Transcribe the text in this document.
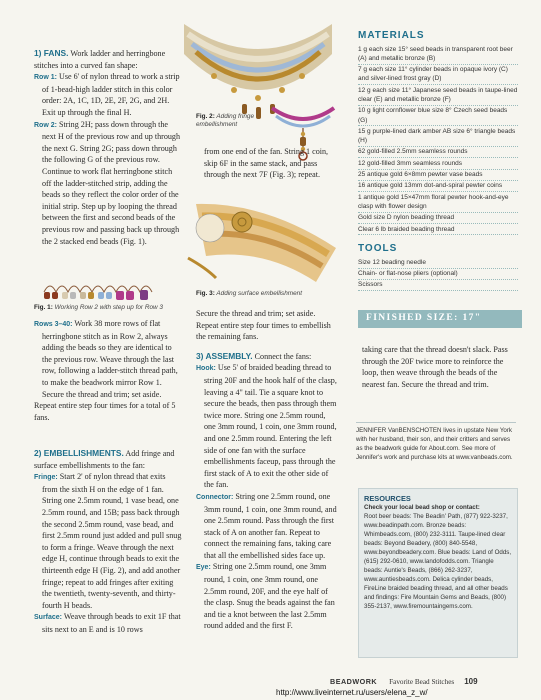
1) FANS. Work ladder and herringbone stitches into a curved fan shape:
Row 1: Use 6' of nylon thread to work a strip of 1-bead-high ladder stitch in this color order: 2A, 1C, 1D, 2E, 2F, 2G, and 2H. Exit up through the final H.
Row 2: String 2H; pass down through the next H of the previous row and up through the next G. String 2G; pass down through the following G of the previous row. Continue to work flat herringbone stitch off the ladder-stitched strip, adding the beads so they reflect the color order of the initial strip. Step up by looping the thread between the first and second beads of the previous row and passing back up through the 2 stacked end beads (Fig. 1).
Fig. 1: Working Row 2 with step up for Row 3
Rows 3–40: Work 38 more rows of flat herringbone stitch as in Row 2, always adding the beads so they are identical to the previous row. Weave through the last row, following a ladder-stitch thread path, to make the beadwork mirror Row 1. Secure the thread and trim; set aside.
Repeat entire step four times for a total of 5 fans.
2) EMBELLISHMENTS. Add fringe and surface embellishments to the fan:
Fringe: Start 2' of nylon thread that exits from the sixth H on the edge of 1 fan. String one 2.5mm round, 1 vase bead, one 2.5mm round, and 15B; pass back through the second 2.5mm round, vase bead, and first 2.5mm round just added and pull snug to form a fringe. Weave through the next edge H, continue through beads to exit the thirteenth edge H (Fig. 2), and add another fringe; repeat to add fringes after exiting the twentieth, twenty-seventh, and thirty-fourth H beads.
Surface: Weave through beads to exit 1F that sits next to an E and is 10 rows
Fig. 2: Adding fringe embellishment
from one end of the fan. String 1 coin, skip 6F in the same stack, and pass through the next 7F (Fig. 3); repeat.
Fig. 3: Adding surface embellishment
Secure the thread and trim; set aside. Repeat entire step four times to embellish the remaining fans.
3) ASSEMBLY. Connect the fans:
Hook: Use 5' of braided beading thread to string 20F and the hook half of the clasp, leaving a 4" tail. Tie a square knot to secure the beads, then pass through them twice more. String one 2.5mm round, one 3mm round, 1 coin, one 3mm round, and one 2.5mm round. Entering the left side of one fan with the surface embellishments faceup, pass through the first stack of A to exit the other side of the fan.
Connector: String one 2.5mm round, one 3mm round, 1 coin, one 3mm round, and one 2.5mm round. Pass through the first stack of A on another fan. Repeat to connect the remaining fans, taking care that all the embellished sides face up.
Eye: String one 2.5mm round, one 3mm round, 1 coin, one 3mm round, one 2.5mm round, 20F, and the eye half of the clasp. Snug the beads against the fan and tie a knot between the last 2.5mm round added and the first F.
MATERIALS
1 g each size 15° seed beads in transparent root beer (A) and metallic bronze (B)
7 g each size 11° cylinder beads in opaque ivory (C) and silver-lined frost gray (D)
12 g each size 11° Japanese seed beads in taupe-lined clear (E) and metallic bronze (F)
10 g light cornflower blue size 8° Czech seed beads (G)
15 g purple-lined dark amber AB size 6° triangle beads (H)
62 gold-filled 2.5mm seamless rounds
12 gold-filled 3mm seamless rounds
25 antique gold 6×8mm pewter vase beads
16 antique gold 13mm dot-and-spiral pewter coins
1 antique gold 15×47mm floral pewter hook-and-eye clasp with flower design
Gold size D nylon beading thread
Clear 6 lb braided beading thread
TOOLS
Size 12 beading needle
Chain- or flat-nose pliers (optional)
Scissors
FINISHED SIZE: 17"
taking care that the thread doesn't slack. Pass through the 20F twice more to reinforce the loop, then weave through the beads of the nearest fan. Secure the thread and trim.
JENNIFER VanBENSCHOTEN lives in upstate New York with her husband, their son, and their critters and serves as the beadwork guide for About.com. See more of Jennifer's work and purchase kits at www.vanbeads.com.
RESOURCES
Check your local bead shop or contact:
Root beer beads: The Beadin' Path, (877) 922-3237, www.beadinpath.com. Bronze beads: Whimbeads.com, (800) 232-3111. Taupe-lined clear beads: Beyond Beadery, (800) 840-5548, www.beyondbeadery.com. Blue beads: Land of Odds, (615) 292-0610, www.landofodds.com. Triangle beads: Auntie's Beads, (866) 262-3237, www.auntiesbeads.com. Delica cylinder beads, FireLine braided beading thread, and all other beads and findings: Fire Mountain Gems and Beads, (800) 355-2137, www.firemountaingems.com.
BEADWORK Favorite Bead Stitches 109
http://www.liveinternet.ru/users/elena_z_w/
